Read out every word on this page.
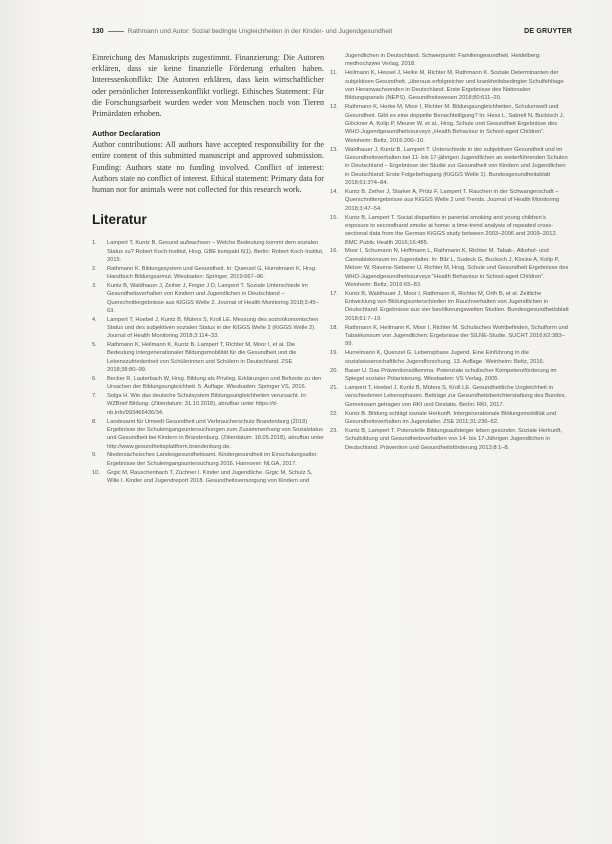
130	Rathmann und Autor: Sozial bedingte Ungleichheiten in der Kinder- und Jugendgesundheit	DE GRUYTER

Einreichung des Manuskripts zugestimmt. Finanzierung: Die Autoren erklären, dass sie keine finanzielle Förderung erhalten haben. Interessenkonflikt: Die Autoren erklären, dass kein wirtschaftlicher oder persönlicher Interessenkonflikt vorliegt. Ethisches Statement: Für die Forschungsarbeit wurden weder von Menschen noch von Tieren Primärdaten erhoben.

Author Declaration

Author contributions: All authors have accepted responsibility for the entire content of this submitted manuscript and approved submission. Funding: Authors state no funding involved. Conflict of interest: Authors state no conflict of interest. Ethical statement: Primary data for human nor for animals were not collected for this research work.

Literatur
1. Lampert T, Kuntz B, Gesund aufwachsen – Welche Bedeutung kommt dem sozialen Status zu? Robert Koch-Institut, Hrsg. GBE kompakt 6(1). Berlin: Robert Koch-Institut, 2015.
2. Rathmann K. Bildungssystem und Gesundheit. In: Quenzel G, Hurrelmann K, Hrsg. Handbuch Bildungsarmut. Wiesbaden: Springer, 2019:667–96.
3. Kuntz B, Waldhauer J, Zeiher J, Finger J D, Lampert T. Soziale Unterschiede im Gesundheitsverhalten von Kindern und Jugendlichen in Deutschland – Querschnittergebnisse aus KiGGS Welle 2. Journal of Health Monitoring 2018;3:45–63.
4. Lampert T, Hoebel J, Kuntz B, Müters S, Kroll LE. Messung des sozioökonomischen Status und des subjektiven sozialen Status in der KiGGS Welle 2 (KiGGS Welle 2). Journal of Health Monitoring 2018;3:114–33.
5. Rathmann K, Heilmann K, Kuntz B, Lampert T, Richter M, Moor I, et al. Die Bedeutung intergenerationaler Bildungsmobilität für die Gesundheit und die Lebenszufriedenheit von Schülerinnen und Schülern in Deutschland. ZSE 2018;38:80–99.
6. Becker R, Lauterbach W, Hrsg. Bildung als Privileg. Erklärungen und Befunde zu den Ursachen der Bildungsungleichheit. 5. Auflage. Wiesbaden: Springer VS, 2016.
7. Solga H. Wie das deutsche Schulsystem Bildungsungleichheiten verursacht. In: WZBrief Bildung. (Zitierdatum: 31.10.2018), abrufbar unter https://d-nb.info/993466436/34.
8. Landesamt für Umwelt Gesundheit und Verbraucherschutz Brandenburg (2018) Ergebnisse der Schuleingangsuntersuchungen zum Zusammenhang von Sozialstatus und Gesundheit bei Kindern in Brandenburg. (Zitierdatum: 18.05.2018), abrufbar unter http://www.gesundheitsplattform.brandenburg.de.
9. Niedersächsisches Landesgesundheitsamt. Kindergesundheit im Einschulungsalter. Ergebnisse der Schuleingangsuntersuchung 2016. Hannover: NLGA, 2017.
10. Grgic M, Rauschenbach T, Züchner I. Kinder und Jugendliche. Grgic M, Schulz S, Wille I. Kinder und Jugendreport 2018. Gesundheitsversorgung von Kindern und
Jugendlichen in Deutschland. Schwerpunkt: Familiengesundheit. Heidelberg: medhochzwei Verlag, 2018.
11. Heilmann K, Hessel J, Heike M, Richter M, Rathmann K. Soziale Determinanten der subjektiven Gesundheit, „überaus erfolgreicher und krankheitsbedingter Schulfehltage von Heranwachsenden in Deutschland. Erste Ergebnisse des Nationalen Bildungspanels (NEPS). Gesundheitswesen 2018;80:611–20.
12. Rathmann K, Herke M, Moor I, Richter M. Bildungsungleichheiten, Schulumwelt und Gesundheit. Gibt es eine doppelte Benachteiligung? In: Hess L, Sabrell N, Buckisch J, Glöckner A, Kolip P, Meurer W, et al., Hrsg. Schule und Gesundheit Ergebnisse des WHO-Jugendgesundheitssurveys „Health Behaviour in School-aged Children“. Weinheim: Beltz, 2016:200–10.
13. Waldhauer J, Kuntz B, Lampert T. Unterschiede in der subjektiven Gesundheit und im Gesundheitsverhalten bei 11- bis 17-jährigen Jugendlichen an weiterführenden Schulen in Deutschland – Ergebnisse der Studie zur Gesundheit von Kindern und Jugendlichen in Deutschland: Erste Folgebefragung (KiGGS Welle 1). Bundesgesundheitsblatt 2018;61:374–84.
14. Kuntz B, Zeiher J, Starker A, Prütz F, Lampert T. Rauchen in der Schwangerschaft – Querschnittergebnisse aus KiGGS Welle 2 und Trends. Journal of Health Monitoring 2018;3:47–54.
15. Kuntz B, Lampert T. Social disparities in parental smoking and young children’s exposure to secondhand smoke at home: a time-trend analysis of repeated cross-sectional data from the German KiGGS study between 2003–2006 and 2009–2012. BMC Public Health 2016;16:485.
16. Moor I, Schumann N, Hoffmann L, Rathmann K, Richter M. Tabak-, Alkohol- und Cannabiskonsum im Jugendalter. In: Bilz L, Sudeck G, Bucksch J, Klocke A, Kolip P, Melzer W, Ravens-Sieberer U, Richter M, Hrsg. Schule und Gesundheit Ergebnisse des WHO-Jugendgesundheitssurveys “Health Behaviour in School-aged Children”. Weinheim: Beltz, 2016:65–83.
17. Kuntz B, Waldhauer J, Moor I, Rathmann K, Richter M, Orth B, et al. Zeitliche Entwicklung von Bildungsunterschieden im Rauchverhalten von Jugendlichen in Deutschland. Ergebnisse aus vier bevölkerungsweiten Studien. Bundesgesundheitsblatt 2018;61:7–19.
18. Rathmann K, Heilmann K, Moor I, Richter M. Schulisches Wohlbefinden, Schulform und Tabakkonsum von Jugendlichen: Ergebnisse der SILNE-Studie. SUCHT 2016;62:383–99.
19. Hurrelmann K, Quenzel G. Lebensphase Jugend. Eine Einführung in die sozialwissenschaftliche Jugendforschung. 13. Auflage. Weinheim: Beltz, 2016.
20. Bauer U. Das Präventionsdilemma. Potenziale schulischer Kompetenzförderung im Spiegel sozialer Polarisierung. Wiesbaden: VS Verlag, 2005.
21. Lampert T, Hoebel J, Kuntz B, Müters S, Kroll LE. Gesundheitliche Ungleichheit in verschiedenen Lebensphasen. Beiträge zur Gesundheitsberichterstattung des Bundes. Gemeinsam getragen von RKI und Destatis. Berlin: RKI, 2017.
22. Kuntz B. Bildung schlägt soziale Herkunft. Intergenerationale Bildungsmobilität und Gesundheitsverhalten im Jugendalter. ZSE 2011;31:236–52.
23. Kuntz B, Lampert T. Potenzielle Bildungsaufsteiger leben gesünder. Soziale Herkunft, Schulbildung und Gesundheitsverhalten von 14- bis 17-Jährigen Jugendlichen in Deutschland. Prävention und Gesundheitsförderung 2013;8:1–8.
